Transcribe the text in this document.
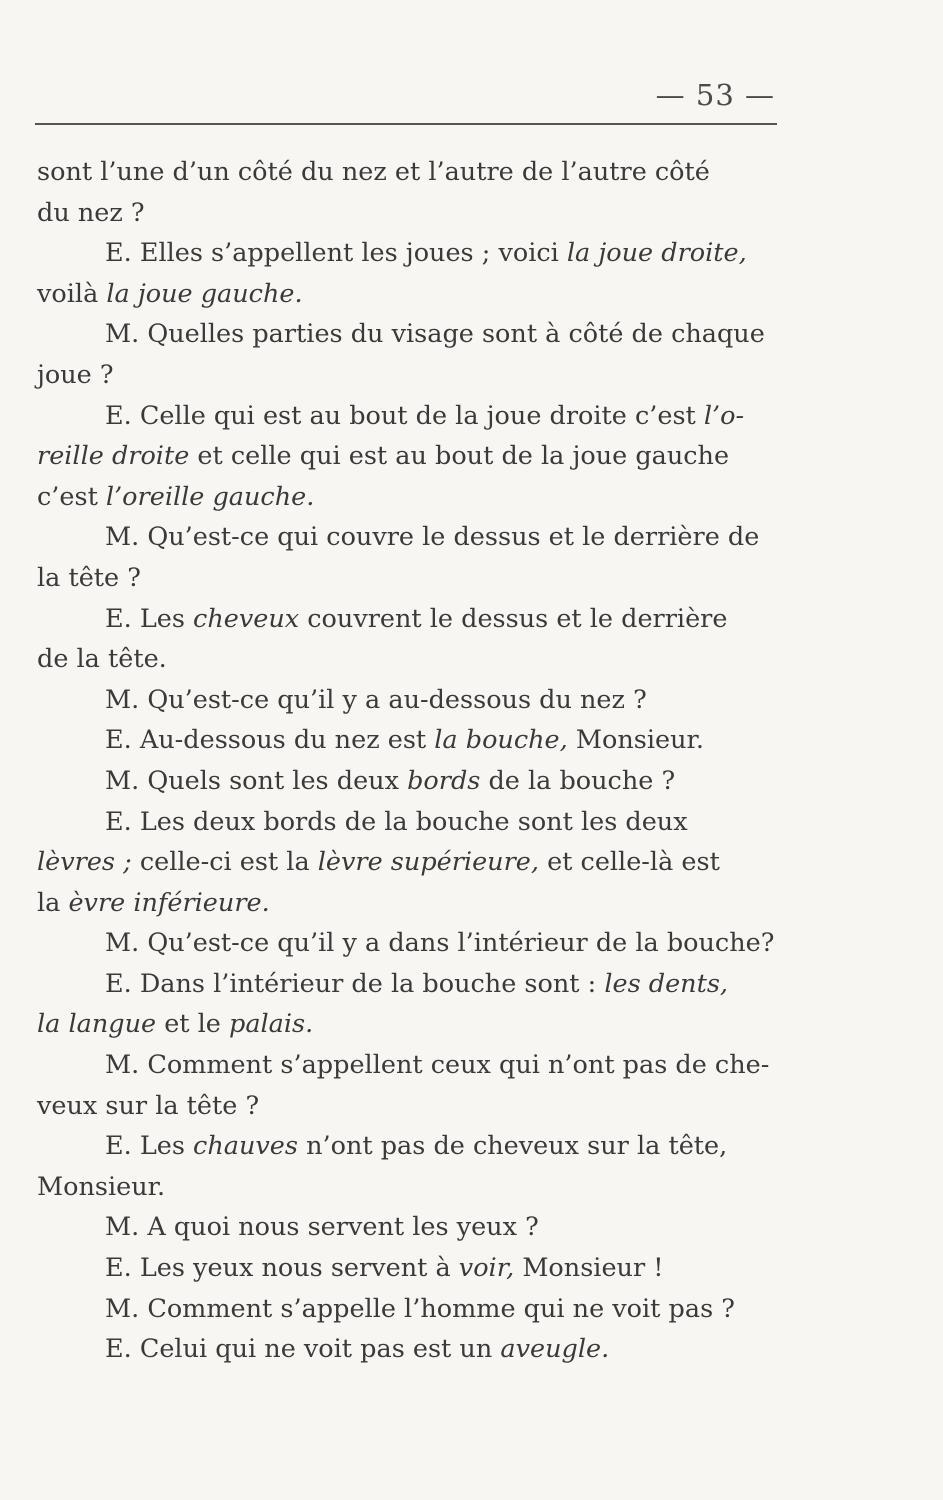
— 53 —
sont l’une d’un côté du nez et l’autre de l’autre côté
du nez ?
E. Elles s’appellent les joues ; voici la joue droite,
voilà la joue gauche.
M. Quelles parties du visage sont à côté de chaque
joue ?
E. Celle qui est au bout de la joue droite c’est l’o-
reille droite et celle qui est au bout de la joue gauche
c’est l’oreille gauche.
M. Qu’est-ce qui couvre le dessus et le derrière de
la tête ?
E. Les cheveux couvrent le dessus et le derrière
de la tête.
M. Qu’est-ce qu’il y a au-dessous du nez ?
E. Au-dessous du nez est la bouche, Monsieur.
M. Quels sont les deux bords de la bouche ?
E. Les deux bords de la bouche sont les deux
lèvres ; celle-ci est la lèvre supérieure, et celle-là est
la èvre inférieure.
M. Qu’est-ce qu’il y a dans l’intérieur de la bouche?
E. Dans l’intérieur de la bouche sont : les dents,
la langue et le palais.
M. Comment s’appellent ceux qui n’ont pas de che-
veux sur la tête ?
E. Les chauves n’ont pas de cheveux sur la tête,
Monsieur.
M. A quoi nous servent les yeux ?
E. Les yeux nous servent à voir, Monsieur !
M. Comment s’appelle l’homme qui ne voit pas ?
E. Celui qui ne voit pas est un aveugle.
